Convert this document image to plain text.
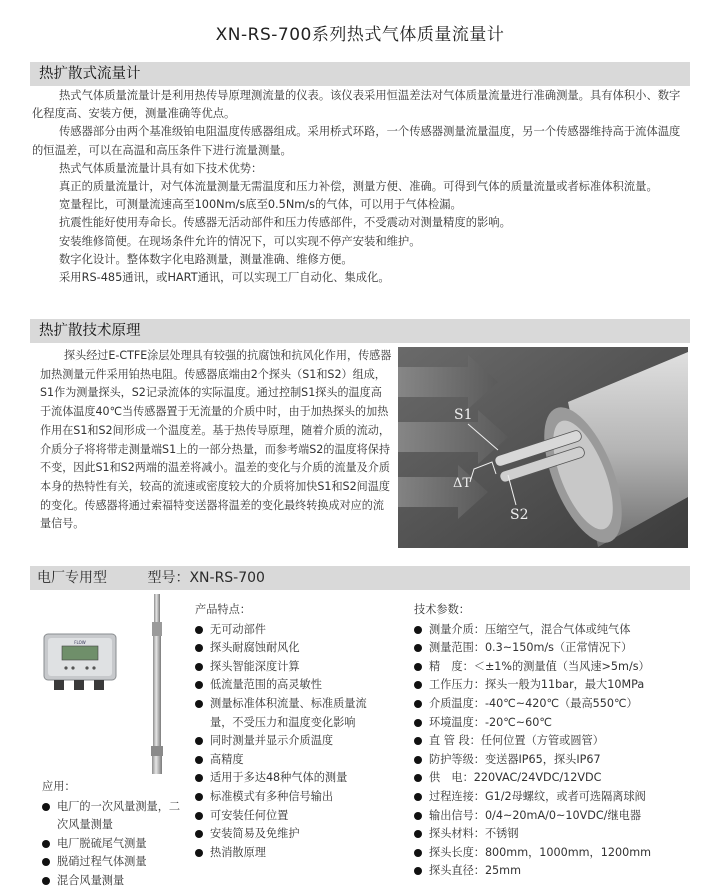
XN-RS-700系列热式气体质量流量计
热扩散式流量计

热式气体质量流量计是利用热传导原理测流量的仪表。该仪表采用恒温差法对气体质量流量进行准确测量。具有体积小、数字化程度高、安装方便，测量准确等优点。

传感器部分由两个基准级铂电阻温度传感器组成。采用桥式环路，一个传感器测量流量温度，另一个传感器维持高于流体温度的恒温差，可以在高温和高压条件下进行流量测量。

热式气体质量流量计具有如下技术优势：

真正的质量流量计，对气体流量测量无需温度和压力补偿，测量方便、准确。可得到气体的质量流量或者标准体积流量。

宽量程比，可测量流速高至100Nm/s底至0.5Nm/s的气体，可以用于气体检漏。

抗震性能好使用寿命长。传感器无活动部件和压力传感部件，不受震动对测量精度的影响。

安装维修简便。在现场条件允许的情况下，可以实现不停产安装和维护。

数字化设计。整体数字化电路测量，测量准确、维修方便。

采用RS-485通讯，或HART通讯，可以实现工厂自动化、集成化。

热扩散技术原理

探头经过E-CTFE涂层处理具有较强的抗腐蚀和抗风化作用，传感器加热测量元件采用铂热电阻。传感器底端由2个探头（S1和S2）组成，S1作为测量探头，S2记录流体的实际温度。通过控制S1探头的温度高于流体温度40℃当传感器置于无流量的介质中时，由于加热探头的加热作用在S1和S2间形成一个温度差。基于热传导原理，随着介质的流动，介质分子将将带走测量端S1上的一部分热量，而参考端S2的温度将保持不变，因此S1和S2两端的温差将减小。温差的变化与介质的流量及介质本身的热特性有关，较高的流速或密度较大的介质将加快S1和S2间温度的变化。传感器将通过索福特变送器将温差的变化最终转换成对应的流量信号。

S1
ΔT
S2
电厂专用型	型号：XN-RS-700
FLOW
应用：
电厂的一次风量测量，二次风量测量
电厂脱硫尾气测量
脱硝过程气体测量
混合风量测量
产品特点：
无可动部件
探头耐腐蚀耐风化
探头智能深度计算
低流量范围的高灵敏性
测量标准体积流量、标准质量流量，不受压力和温度变化影响
同时测量并显示介质温度
高精度
适用于多达48种气体的测量
标准模式有多种信号输出
可安装任何位置
安装简易及免维护
热消散原理
技术参数：
测量介质：压缩空气，混合气体或纯气体
测量范围：0.3~150m/s（正常情况下）
精　度：＜±1%的测量值（当风速>5m/s）
工作压力：探头一般为11bar，最大10MPa
介质温度：-40℃~420℃（最高550℃）
环境温度：-20℃~60℃
直 管 段：任何位置（方管或圆管）
防护等级：变送器IP65，探头IP67
供　电：220VAC/24VDC/12VDC
过程连接：G1/2母螺纹，或者可选隔离球阀
输出信号：0/4~20mA/0~10VDC/继电器
探头材料：不锈钢
探头长度：800mm，1000mm，1200mm
探头直径：25mm
